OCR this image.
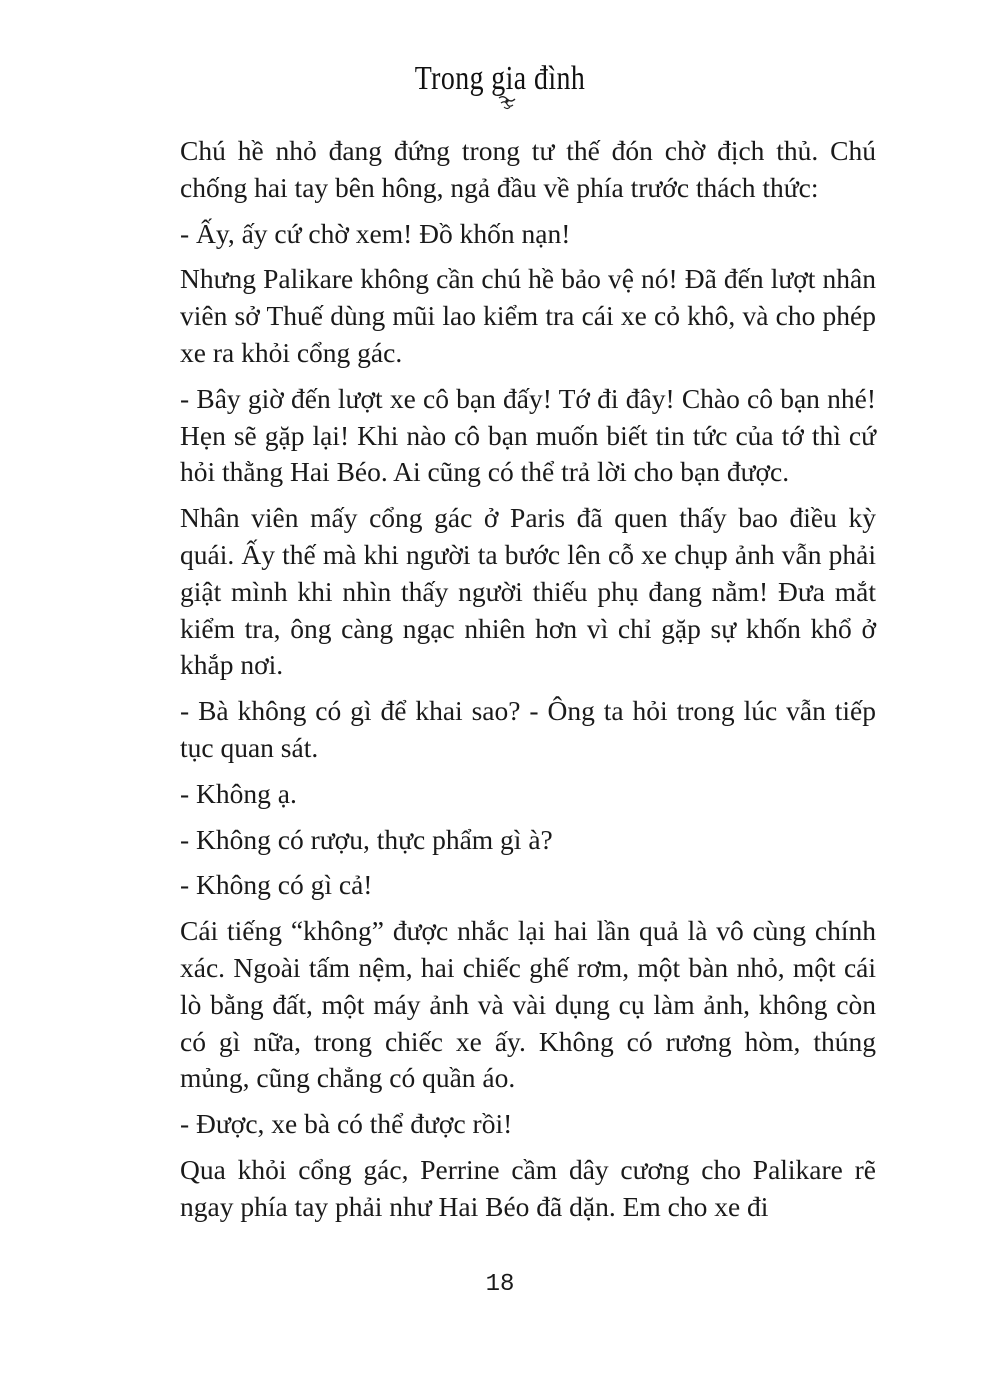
Trong gia đình

Chú hề nhỏ đang đứng trong tư thế đón chờ địch thủ. Chú chống hai tay bên hông, ngả đầu về phía trước thách thức:

- Ấy, ấy cứ chờ xem! Đồ khốn nạn!

Nhưng Palikare không cần chú hề bảo vệ nó! Đã đến lượt nhân viên sở Thuế dùng mũi lao kiểm tra cái xe cỏ khô, và cho phép xe ra khỏi cổng gác.

- Bây giờ đến lượt xe cô bạn đấy! Tớ đi đây! Chào cô bạn nhé! Hẹn sẽ gặp lại! Khi nào cô bạn muốn biết tin tức của tớ thì cứ hỏi thằng Hai Béo. Ai cũng có thể trả lời cho bạn được.

Nhân viên mấy cổng gác ở Paris đã quen thấy bao điều kỳ quái. Ấy thế mà khi người ta bước lên cỗ xe chụp ảnh vẫn phải giật mình khi nhìn thấy người thiếu phụ đang nằm! Đưa mắt kiểm tra, ông càng ngạc nhiên hơn vì chỉ gặp sự khốn khổ ở khắp nơi.

- Bà không có gì để khai sao? - Ông ta hỏi trong lúc vẫn tiếp tục quan sát.

- Không ạ.

- Không có rượu, thực phẩm gì à?

- Không có gì cả!

Cái tiếng “không” được nhắc lại hai lần quả là vô cùng chính xác. Ngoài tấm nệm, hai chiếc ghế rơm, một bàn nhỏ, một cái lò bằng đất, một máy ảnh và vài dụng cụ làm ảnh, không còn có gì nữa, trong chiếc xe ấy. Không có rương hòm, thúng mủng, cũng chẳng có quần áo.

- Được, xe bà có thể được rồi!

Qua khỏi cổng gác, Perrine cầm dây cương cho Palikare rẽ ngay phía tay phải như Hai Béo đã dặn. Em cho xe đi

18
